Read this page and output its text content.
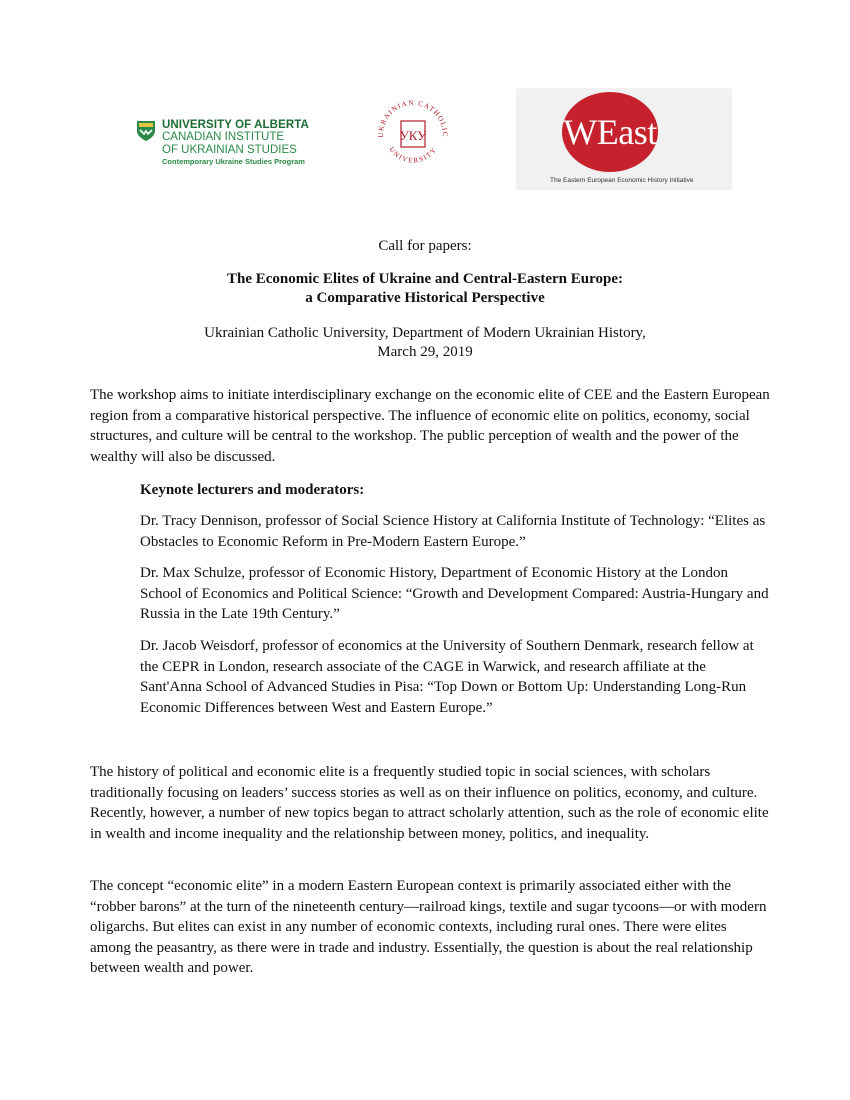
UNIVERSITY OF ALBERTA
CANADIAN INSTITUTE
OF UKRAINIAN STUDIES
Contemporary Ukraine Studies Program
UKRAINIAN CATHOLIC
UNIVERSITY
УКУ	WEast
The Eastern European Economic History Initiative
Call for papers:
The Economic Elites of Ukraine and Central-Eastern Europe:
a Comparative Historical Perspective
Ukrainian Catholic University, Department of Modern Ukrainian History,
March 29, 2019
The workshop aims to initiate interdisciplinary exchange on the economic elite of CEE and the Eastern European region from a comparative historical perspective. The influence of economic elite on politics, economy, social structures, and culture will be central to the workshop. The public perception of wealth and the power of the wealthy will also be discussed.
Keynote lecturers and moderators:
Dr. Tracy Dennison, professor of Social Science History at California Institute of Technology: “Elites as Obstacles to Economic Reform in Pre-Modern Eastern Europe.”
Dr. Max Schulze, professor of Economic History, Department of Economic History at the London School of Economics and Political Science: “Growth and Development Compared: Austria-Hungary and Russia in the Late 19th Century.”
Dr. Jacob Weisdorf, professor of economics at the University of Southern Denmark, research fellow at the CEPR in London, research associate of the CAGE in Warwick, and research affiliate at the Sant'Anna School of Advanced Studies in Pisa: “Top Down or Bottom Up: Understanding Long-Run Economic Differences between West and Eastern Europe.”
The history of political and economic elite is a frequently studied topic in social sciences, with scholars traditionally focusing on leaders’ success stories as well as on their influence on politics, economy, and culture. Recently, however, a number of new topics began to attract scholarly attention, such as the role of economic elite in wealth and income inequality and the relationship between money, politics, and inequality.
The concept “economic elite” in a modern Eastern European context is primarily associated either with the “robber barons” at the turn of the nineteenth century—railroad kings, textile and sugar tycoons—or with modern oligarchs. But elites can exist in any number of economic contexts, including rural ones. There were elites among the peasantry, as there were in trade and industry. Essentially, the question is about the real relationship between wealth and power.
